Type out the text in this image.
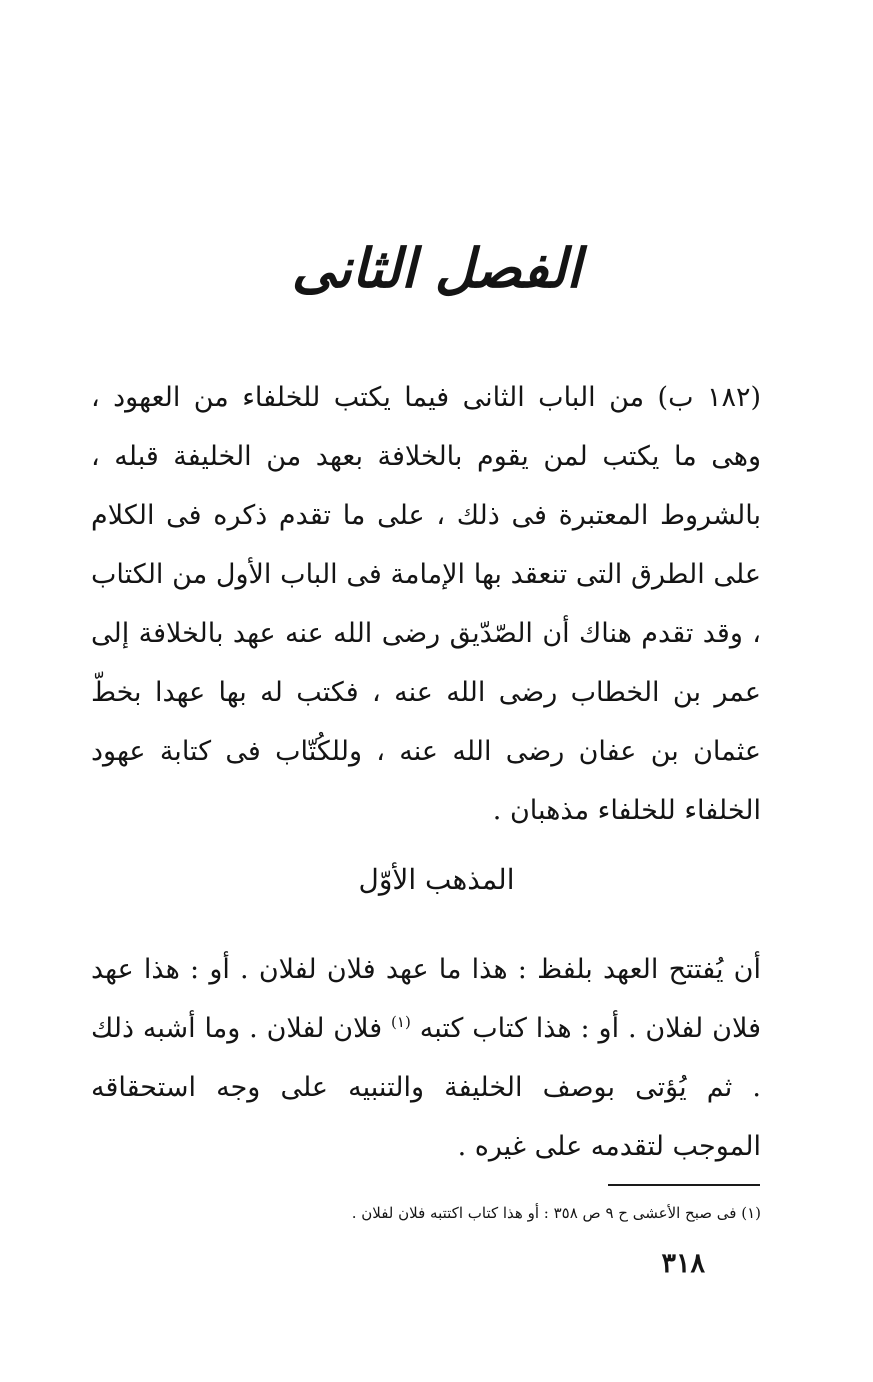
الفصل الثانى

(١٨٢ ب) من الباب الثانى فيما يكتب للخلفاء من العهود ، وهى ما يكتب لمن يقوم بالخلافة بعهد من الخليفة قبله ، بالشروط المعتبرة فى ذلك ، على ما تقدم ذكره فى الكلام على الطرق التى تنعقد بها الإمامة فى الباب الأول من الكتاب ، وقد تقدم هناك أن الصّدّيق رضى الله عنه عهد بالخلافة إلى عمر بن الخطاب رضى الله عنه ، فكتب له بها عهدا بخطّ عثمان بن عفان رضى الله عنه ، وللكُتّاب فى كتابة عهود الخلفاء للخلفاء مذهبان .

المذهب الأوّل

أن يُفتتح العهد بلفظ : هذا ما عهد فلان لفلان . أو : هذا عهد فلان لفلان . أو : هذا كتاب كتبه $^{(١)}$ فلان لفلان . وما أشبه ذلك . ثم يُؤتى بوصف الخليفة والتنبيه على وجه استحقاقه الموجب لتقدمه على غيره .

(١) فى صبح الأعشى ح ٩ ص ٣٥٨ : أو هذا كتاب اكتتبه فلان لفلان .
٣١٨
